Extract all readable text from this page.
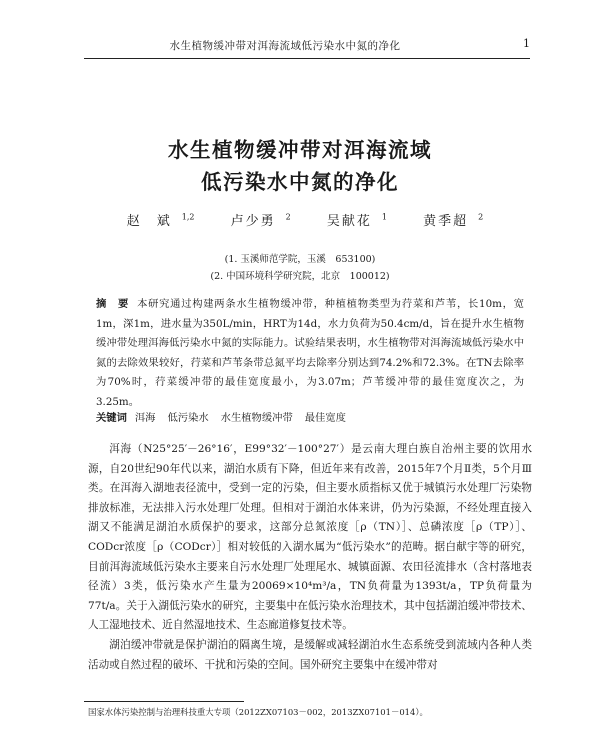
水生植物缓冲带对洱海流域低污染水中氮的净化	1
水生植物缓冲带对洱海流域
低污染水中氮的净化
赵　斌 $^{1,2}$	卢少勇 $^2$	吴献花 $^1$	黄季超 $^2$
(1. 玉溪师范学院，玉溪　653100)
(2. 中国环境科学研究院，北京　100012)

摘　要 本研究通过构建两条水生植物缓冲带，种植植物类型为荇菜和芦苇，长10m，宽1m，深1m，进水量为350L/min，HRT为14d，水力负荷为50.4cm/d，旨在提升水生植物缓冲带处理洱海低污染水中氮的实际能力。试验结果表明，水生植物带对洱海流域低污染水中氮的去除效果较好，荇菜和芦苇条带总氮平均去除率分别达到74.2%和72.3%。在TN去除率为70%时，荇菜缓冲带的最佳宽度最小，为3.07m；芦苇缓冲带的最佳宽度次之，为3.25m。

关键词 洱海 低污染水 水生植物缓冲带 最佳宽度

洱海（N25°25′－26°16′，E99°32′－100°27′）是云南大理白族自治州主要的饮用水源，自20世纪90年代以来，湖泊水质有下降，但近年来有改善，2015年7个月Ⅱ类，5个月Ⅲ类。在洱海入湖地表径流中，受到一定的污染，但主要水质指标又优于城镇污水处理厂污染物排放标准，无法排入污水处理厂处理。但相对于湖泊水体来讲，仍为污染源，不经处理直接入湖又不能满足湖泊水质保护的要求，这部分总氮浓度［ρ（TN）］、总磷浓度［ρ（TP）］、CODcr浓度［ρ（CODcr）］相对较低的入湖水属为“低污染水”的范畴。据白献宇等的研究，目前洱海流域低污染水主要来自污水处理厂处理尾水、城镇面源、农田径流排水（含村落地表径流）3类，低污染水产生量为20069×10⁴m³/a，TN负荷量为1393t/a，TP负荷量为77t/a。关于入湖低污染水的研究，主要集中在低污染水治理技术，其中包括湖泊缓冲带技术、人工湿地技术、近自然湿地技术、生态廊道修复技术等。

湖泊缓冲带就是保护湖泊的隔离生境，是缓解或减轻湖泊水生态系统受到流域内各种人类活动或自然过程的破坏、干扰和污染的空间。国外研究主要集中在缓冲带对

国家水体污染控制与治理科技重大专项（2012ZX07103－002，2013ZX07101－014）。
